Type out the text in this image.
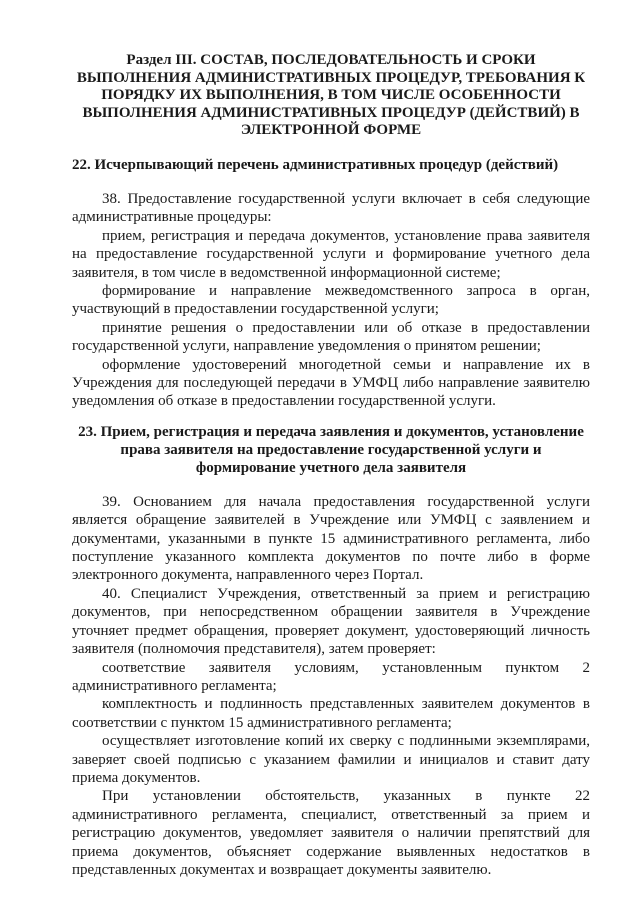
Раздел III. СОСТАВ, ПОСЛЕДОВАТЕЛЬНОСТЬ И СРОКИ ВЫПОЛНЕНИЯ АДМИНИСТРАТИВНЫХ ПРОЦЕДУР, ТРЕБОВАНИЯ К ПОРЯДКУ ИХ ВЫПОЛНЕНИЯ, В ТОМ ЧИСЛЕ ОСОБЕННОСТИ ВЫПОЛНЕНИЯ АДМИНИСТРАТИВНЫХ ПРОЦЕДУР (ДЕЙСТВИЙ) В ЭЛЕКТРОННОЙ ФОРМЕ
22. Исчерпывающий перечень административных процедур (действий)

38. Предоставление государственной услуги включает в себя следующие административные процедуры:

прием, регистрация и передача документов, установление права заявителя на предоставление государственной услуги и формирование учетного дела заявителя, в том числе в ведомственной информационной системе;

формирование и направление межведомственного запроса в орган, участвующий в предоставлении государственной услуги;

принятие решения о предоставлении или об отказе в предоставлении государственной услуги, направление уведомления о принятом решении;

оформление удостоверений многодетной семьи и направление их в Учреждения для последующей передачи в УМФЦ либо направление заявителю уведомления об отказе в предоставлении государственной услуги.

23. Прием, регистрация и передача заявления и документов, установление права заявителя на предоставление государственной услуги и формирование учетного дела заявителя

39. Основанием для начала предоставления государственной услуги является обращение заявителей в Учреждение или УМФЦ с заявлением и документами, указанными в пункте 15 административного регламента, либо поступление указанного комплекта документов по почте либо в форме электронного документа, направленного через Портал.

40. Специалист Учреждения, ответственный за прием и регистрацию документов, при непосредственном обращении заявителя в Учреждение уточняет предмет обращения, проверяет документ, удостоверяющий личность заявителя (полномочия представителя), затем проверяет:

соответствие заявителя условиям, установленным пунктом 2 административного регламента;

комплектность и подлинность представленных заявителем документов в соответствии с пунктом 15 административного регламента;

осуществляет изготовление копий их сверку с подлинными экземплярами, заверяет своей подписью с указанием фамилии и инициалов и ставит дату приема документов.

При установлении обстоятельств, указанных в пункте 22 административного регламента, специалист, ответственный за прием и регистрацию документов, уведомляет заявителя о наличии препятствий для приема документов, объясняет содержание выявленных недостатков в представленных документах и возвращает документы заявителю.
